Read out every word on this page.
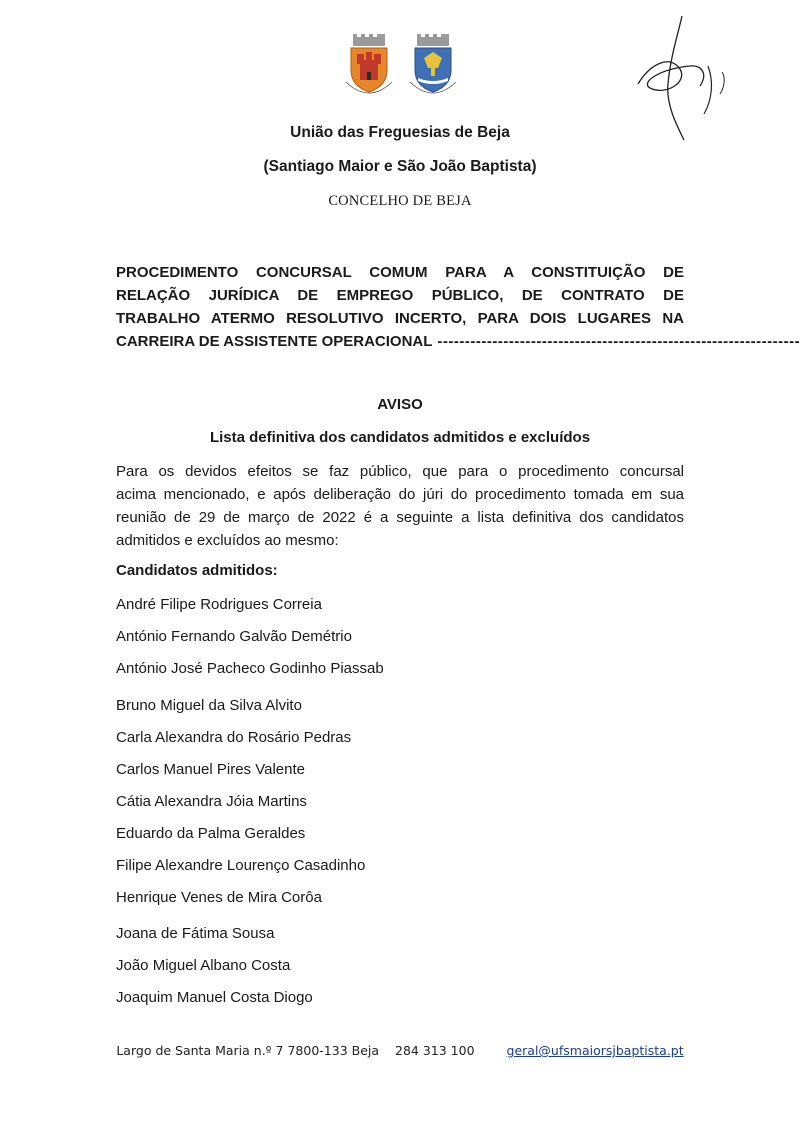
União das Freguesias de Beja
(Santiago Maior e São João Baptista)
CONCELHO DE BEJA
PROCEDIMENTO CONCURSAL COMUM PARA A CONSTITUIÇÃO DE
RELAÇÃO JURÍDICA DE EMPREGO PÚBLICO, DE CONTRATO DE
TRABALHO ATERMO RESOLUTIVO INCERTO, PARA DOIS LUGARES NA
CARREIRA DE ASSISTENTE OPERACIONAL ------------------------------------------------------------------
AVISO
Lista definitiva dos candidatos admitidos e excluídos
Para os devidos efeitos se faz público, que para o procedimento concursal
acima mencionado, e após deliberação do júri do procedimento tomada em sua
reunião de 29 de março de 2022 é a seguinte a lista definitiva dos candidatos
admitidos e excluídos ao mesmo:
Candidatos admitidos:
André Filipe Rodrigues Correia
António Fernando Galvão Demétrio
António José Pacheco Godinho Piassab
Bruno Miguel da Silva Alvito
Carla Alexandra do Rosário Pedras
Carlos Manuel Pires Valente
Cátia Alexandra Jóia Martins
Eduardo da Palma Geraldes
Filipe Alexandre Lourenço Casadinho
Henrique Venes de Mira Corôa
Joana de Fátima Sousa
João Miguel Albano Costa
Joaquim Manuel Costa Diogo
Largo de Santa Maria n.º 7 7800-133 Beja 284 313 100	geral@ufsmaiorsjbaptista.pt
